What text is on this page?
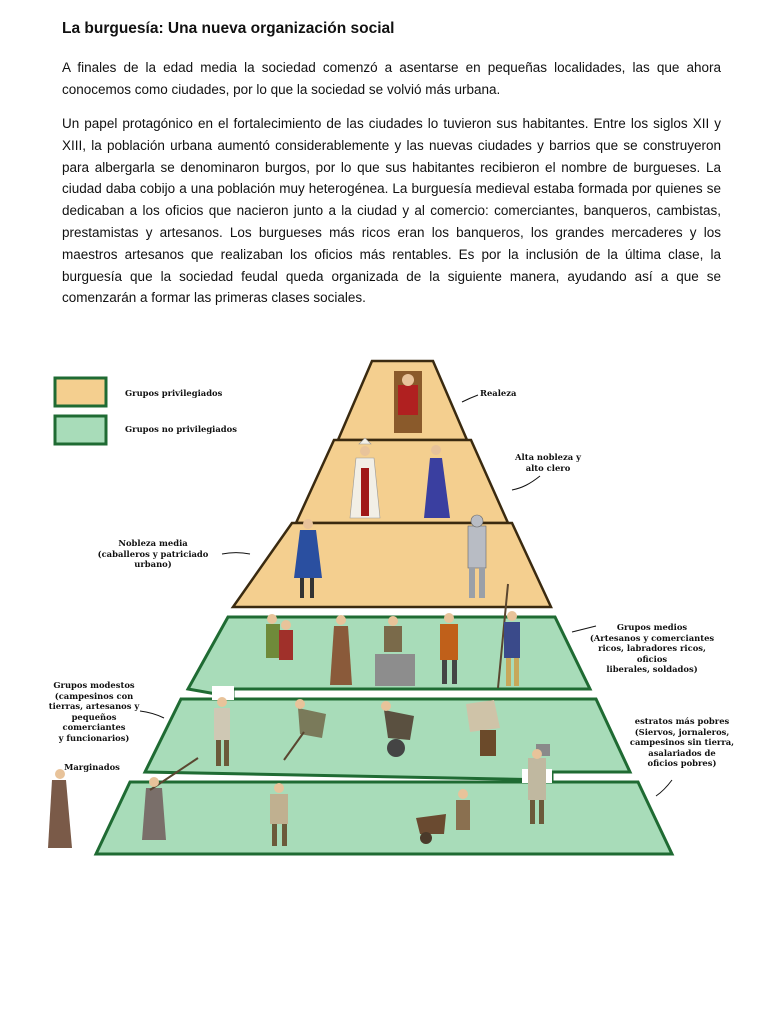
La burguesía: Una nueva organización social

A finales de la edad media la sociedad comenzó a asentarse en pequeñas localidades, las que ahora conocemos como ciudades, por lo que la sociedad se volvió más urbana.

Un papel protagónico en el fortalecimiento de las ciudades lo tuvieron sus habitantes. Entre los siglos XII y XIII, la población urbana aumentó considerablemente y las nuevas ciudades y barrios que se construyeron para albergarla se denominaron burgos, por lo que sus habitantes recibieron el nombre de burgueses. La ciudad daba cobijo a una población muy heterogénea. La burguesía medieval estaba formada por quienes se dedicaban a los oficios que nacieron junto a la ciudad y al comercio: comerciantes, banqueros, cambistas, prestamistas y artesanos. Los burgueses más ricos eran los banqueros, los grandes mercaderes y los maestros artesanos que realizaban los oficios más rentables. Es por la inclusión de la última clase, la burguesía que la sociedad feudal queda organizada de la siguiente manera, ayudando así a que se comenzarán a formar las primeras clases sociales.

Grupos privilegiados
Grupos no privilegiados
Realeza
Alta nobleza y
alto clero
Nobleza media
(caballeros y patriciado urbano)
Grupos medios
(Artesanos y comerciantes
ricos, labradores ricos, oficios
liberales, soldados)
Grupos modestos
(campesinos con
tierras, artesanos y
pequeños comerciantes
y funcionarios)
Marginados
estratos más pobres
(Siervos, jornaleros,
campesinos sin tierra,
asalariados de
oficios pobres)
